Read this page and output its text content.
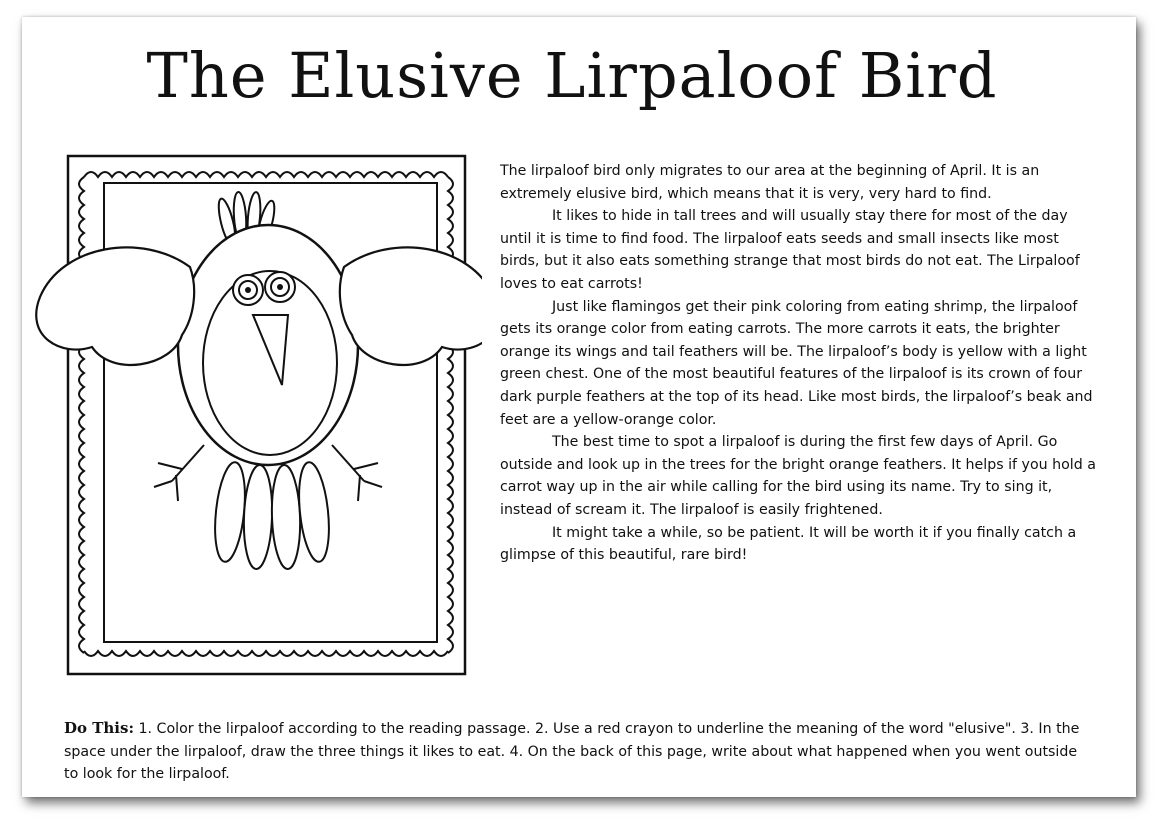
The Elusive Lirpaloof Bird

The lirpaloof bird only migrates to our area at the beginning of April. It is an extremely elusive bird, which means that it is very, very hard to find.

It likes to hide in tall trees and will usually stay there for most of the day until it is time to find food. The lirpaloof eats seeds and small insects like most birds, but it also eats something strange that most birds do not eat. The Lirpaloof loves to eat carrots!

Just like flamingos get their pink coloring from eating shrimp, the lirpaloof gets its orange color from eating carrots. The more carrots it eats, the brighter orange its wings and tail feathers will be. The lirpaloof’s body is yellow with a light green chest. One of the most beautiful features of the lirpaloof is its crown of four dark purple feathers at the top of its head. Like most birds, the lirpaloof’s beak and feet are a yellow-orange color.

The best time to spot a lirpaloof is during the first few days of April. Go outside and look up in the trees for the bright orange feathers. It helps if you hold a carrot way up in the air while calling for the bird using its name. Try to sing it, instead of scream it. The lirpaloof is easily frightened.

It might take a while, so be patient. It will be worth it if you finally catch a glimpse of this beautiful, rare bird!

Do This: 1. Color the lirpaloof according to the reading passage. 2. Use a red crayon to underline the meaning of the word "elusive". 3. In the space under the lirpaloof, draw the three things it likes to eat. 4. On the back of this page, write about what happened when you went outside to look for the lirpaloof.
